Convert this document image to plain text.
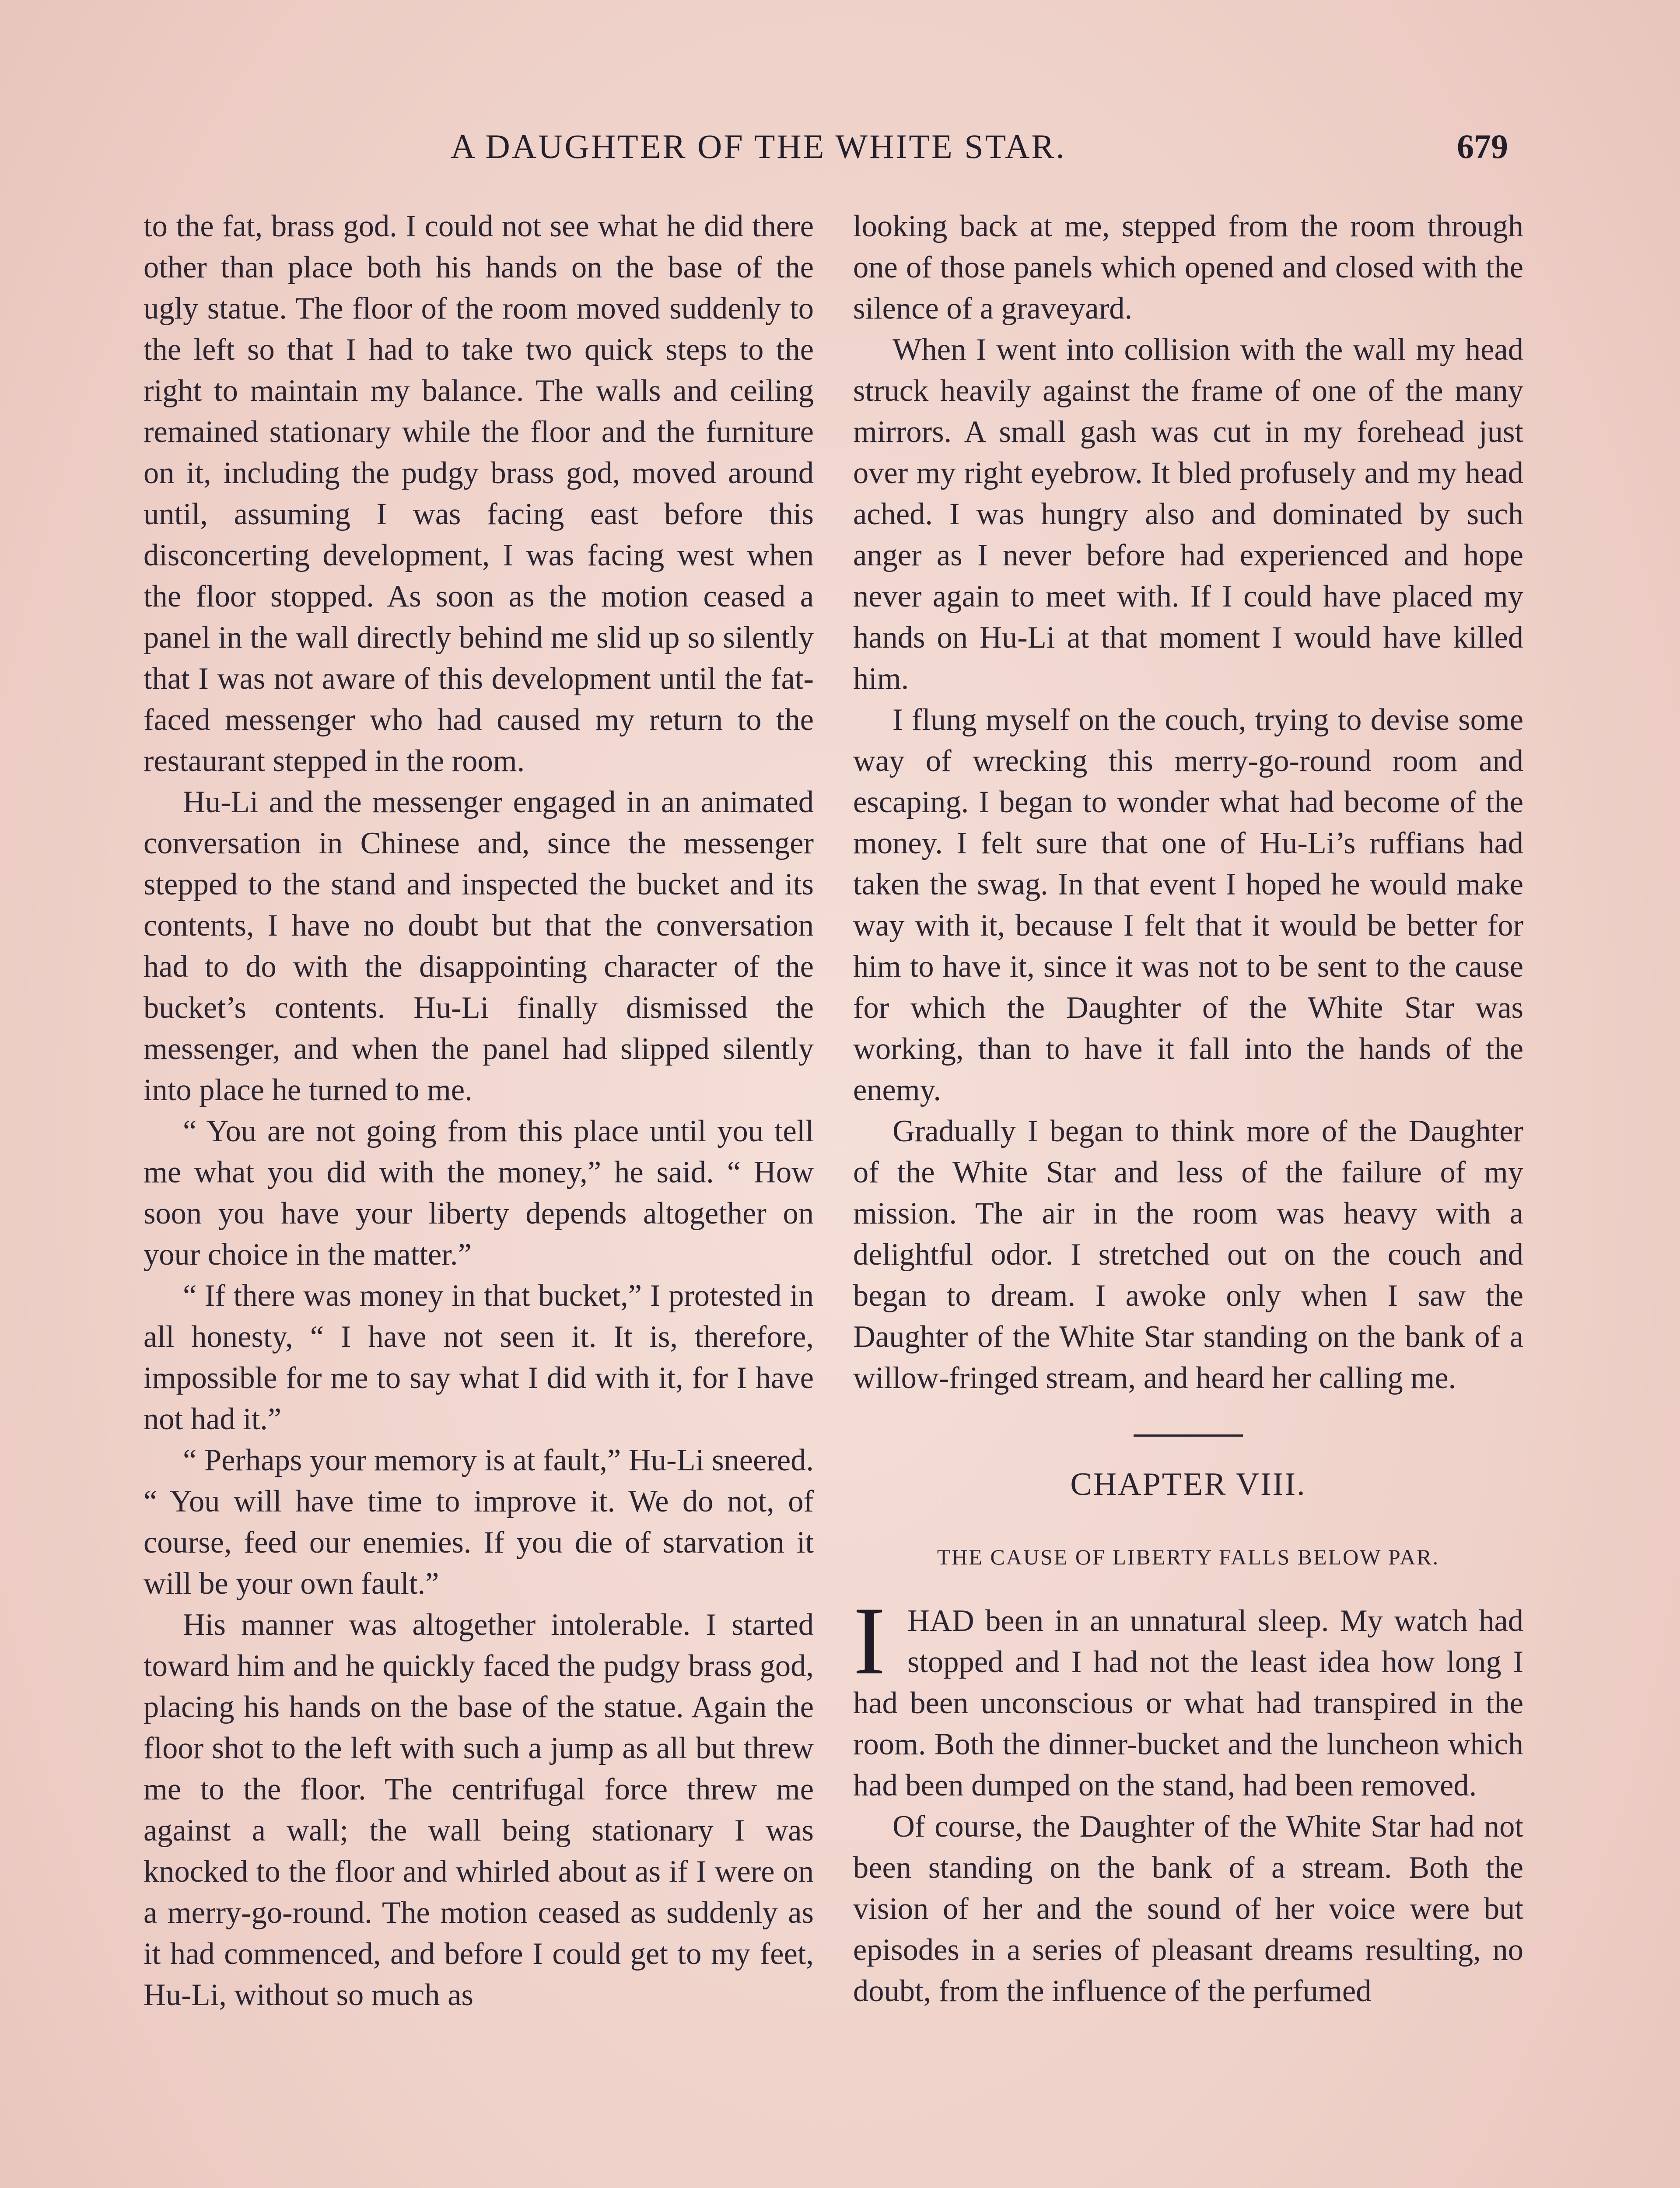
A DAUGHTER OF THE WHITE STAR.	679

to the fat, brass god. I could not see what he did there other than place both his hands on the base of the ugly statue. The floor of the room moved suddenly to the left so that I had to take two quick steps to the right to maintain my balance. The walls and ceiling remained stationary while the floor and the furniture on it, including the pudgy brass god, moved around until, assuming I was facing east before this disconcerting development, I was facing west when the floor stopped. As soon as the motion ceased a panel in the wall directly behind me slid up so silently that I was not aware of this development until the fat-faced messenger who had caused my return to the restaurant stepped in the room.

Hu-Li and the messenger engaged in an animated conversation in Chinese and, since the messenger stepped to the stand and inspected the bucket and its contents, I have no doubt but that the conversation had to do with the disappointing character of the bucket’s contents. Hu-Li finally dismissed the messenger, and when the panel had slipped silently into place he turned to me.

“ You are not going from this place until you tell me what you did with the money,” he said. “ How soon you have your liberty depends altogether on your choice in the matter.”

“ If there was money in that bucket,” I protested in all honesty, “ I have not seen it. It is, therefore, impossible for me to say what I did with it, for I have not had it.”

“ Perhaps your memory is at fault,” Hu-Li sneered. “ You will have time to improve it. We do not, of course, feed our enemies. If you die of starvation it will be your own fault.”

His manner was altogether intolerable. I started toward him and he quickly faced the pudgy brass god, placing his hands on the base of the statue. Again the floor shot to the left with such a jump as all but threw me to the floor. The centrifugal force threw me against a wall; the wall being stationary I was knocked to the floor and whirled about as if I were on a merry-go-round. The motion ceased as suddenly as it had commenced, and before I could get to my feet, Hu-Li, without so much as

looking back at me, stepped from the room through one of those panels which opened and closed with the silence of a graveyard.

When I went into collision with the wall my head struck heavily against the frame of one of the many mirrors. A small gash was cut in my forehead just over my right eyebrow. It bled profusely and my head ached. I was hungry also and dominated by such anger as I never before had experienced and hope never again to meet with. If I could have placed my hands on Hu-Li at that moment I would have killed him.

I flung myself on the couch, trying to devise some way of wrecking this merry-go-round room and escaping. I began to wonder what had become of the money. I felt sure that one of Hu-Li’s ruffians had taken the swag. In that event I hoped he would make way with it, because I felt that it would be better for him to have it, since it was not to be sent to the cause for which the Daughter of the White Star was working, than to have it fall into the hands of the enemy.

Gradually I began to think more of the Daughter of the White Star and less of the failure of my mission. The air in the room was heavy with a delightful odor. I stretched out on the couch and began to dream. I awoke only when I saw the Daughter of the White Star standing on the bank of a willow-fringed stream, and heard her calling me.

CHAPTER VIII.
THE CAUSE OF LIBERTY FALLS BELOW PAR.

IHAD been in an unnatural sleep. My watch had stopped and I had not the least idea how long I had been unconscious or what had transpired in the room. Both the dinner-bucket and the luncheon which had been dumped on the stand, had been removed.

Of course, the Daughter of the White Star had not been standing on the bank of a stream. Both the vision of her and the sound of her voice were but episodes in a series of pleasant dreams resulting, no doubt, from the influence of the perfumed
